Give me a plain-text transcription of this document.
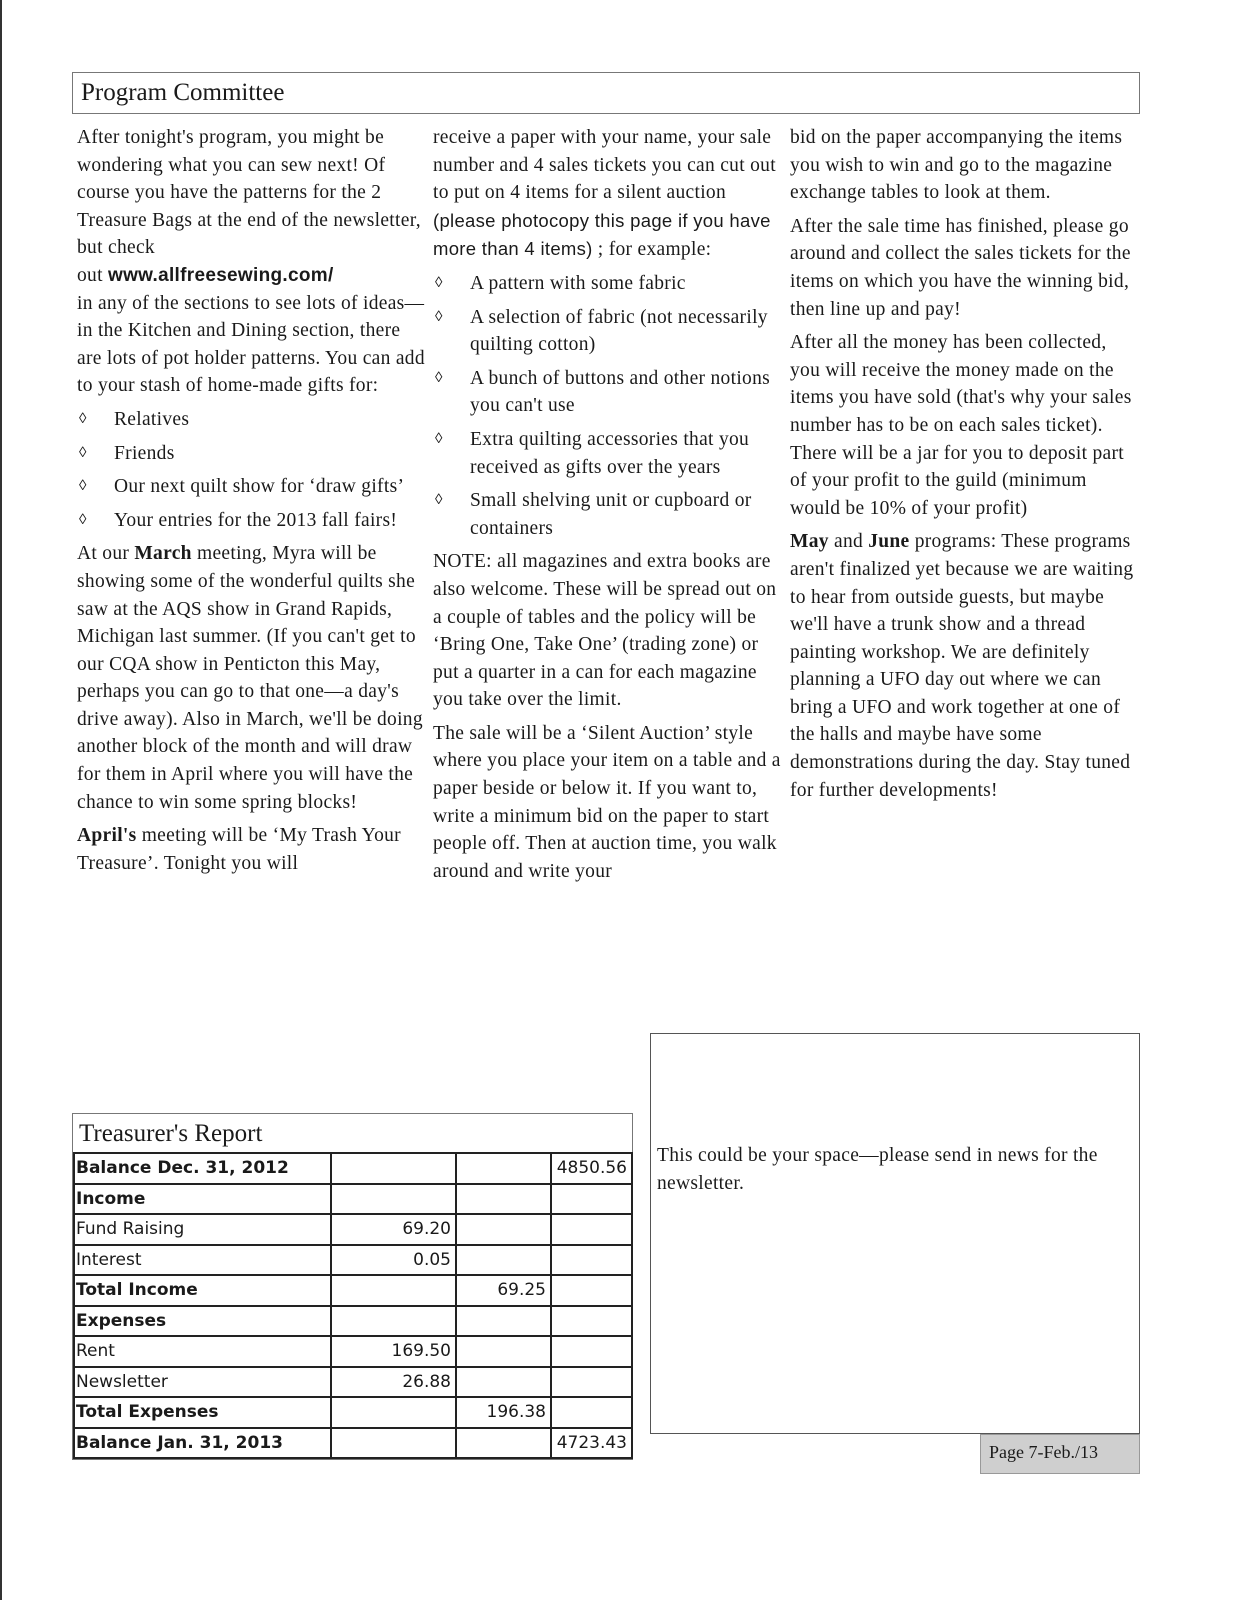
Program Committee

After tonight's program, you might be wondering what you can sew next! Of course you have the patterns for the 2 Treasure Bags at the end of the newsletter, but check
out www.allfreesewing.com/
in any of the sections to see lots of ideas—in the Kitchen and Dining section, there are lots of pot holder patterns. You can add to your stash of home-made gifts for:

◊ Relatives
◊ Friends
◊ Our next quilt show for ‘draw gifts’
◊ Your entries for the 2013 fall fairs!

At our March meeting, Myra will be showing some of the wonderful quilts she saw at the AQS show in Grand Rapids, Michigan last summer. (If you can't get to our CQA show in Penticton this May, perhaps you can go to that one—a day's drive away). Also in March, we'll be doing another block of the month and will draw for them in April where you will have the chance to win some spring blocks!

April's meeting will be ‘My Trash Your Treasure’. Tonight you will

receive a paper with your name, your sale number and 4 sales tickets you can cut out to put on 4 items for a silent auction (please photocopy this page if you have more than 4 items) ; for example:

◊ A pattern with some fabric
◊ A selection of fabric (not necessarily quilting cotton)
◊ A bunch of buttons and other notions you can't use
◊ Extra quilting accessories that you received as gifts over the years
◊ Small shelving unit or cupboard or containers

NOTE: all magazines and extra books are also welcome. These will be spread out on a couple of tables and the policy will be ‘Bring One, Take One’ (trading zone) or put a quarter in a can for each magazine you take over the limit.

The sale will be a ‘Silent Auction’ style where you place your item on a table and a paper beside or below it. If you want to, write a minimum bid on the paper to start people off. Then at auction time, you walk around and write your

bid on the paper accompanying the items you wish to win and go to the magazine exchange tables to look at them.

After the sale time has finished, please go around and collect the sales tickets for the items on which you have the winning bid, then line up and pay!

After all the money has been collected, you will receive the money made on the items you have sold (that's why your sales number has to be on each sales ticket). There will be a jar for you to deposit part of your profit to the guild (minimum would be 10% of your profit)

May and June programs: These programs aren't finalized yet because we are waiting to hear from outside guests, but maybe we'll have a trunk show and a thread painting workshop. We are definitely planning a UFO day out where we can bring a UFO and work together at one of the halls and maybe have some demonstrations during the day. Stay tuned for further developments!

Treasurer's Report
Balance Dec. 31, 2012			4850.56
Income			
Fund Raising	69.20		
Interest	0.05		
Total Income		69.25	
Expenses			
Rent	169.50		
Newsletter	26.88		
Total Expenses		196.38	
Balance Jan. 31, 2013			4723.43
This could be your space—please send in news for the newsletter.
Page 7-Feb./13
